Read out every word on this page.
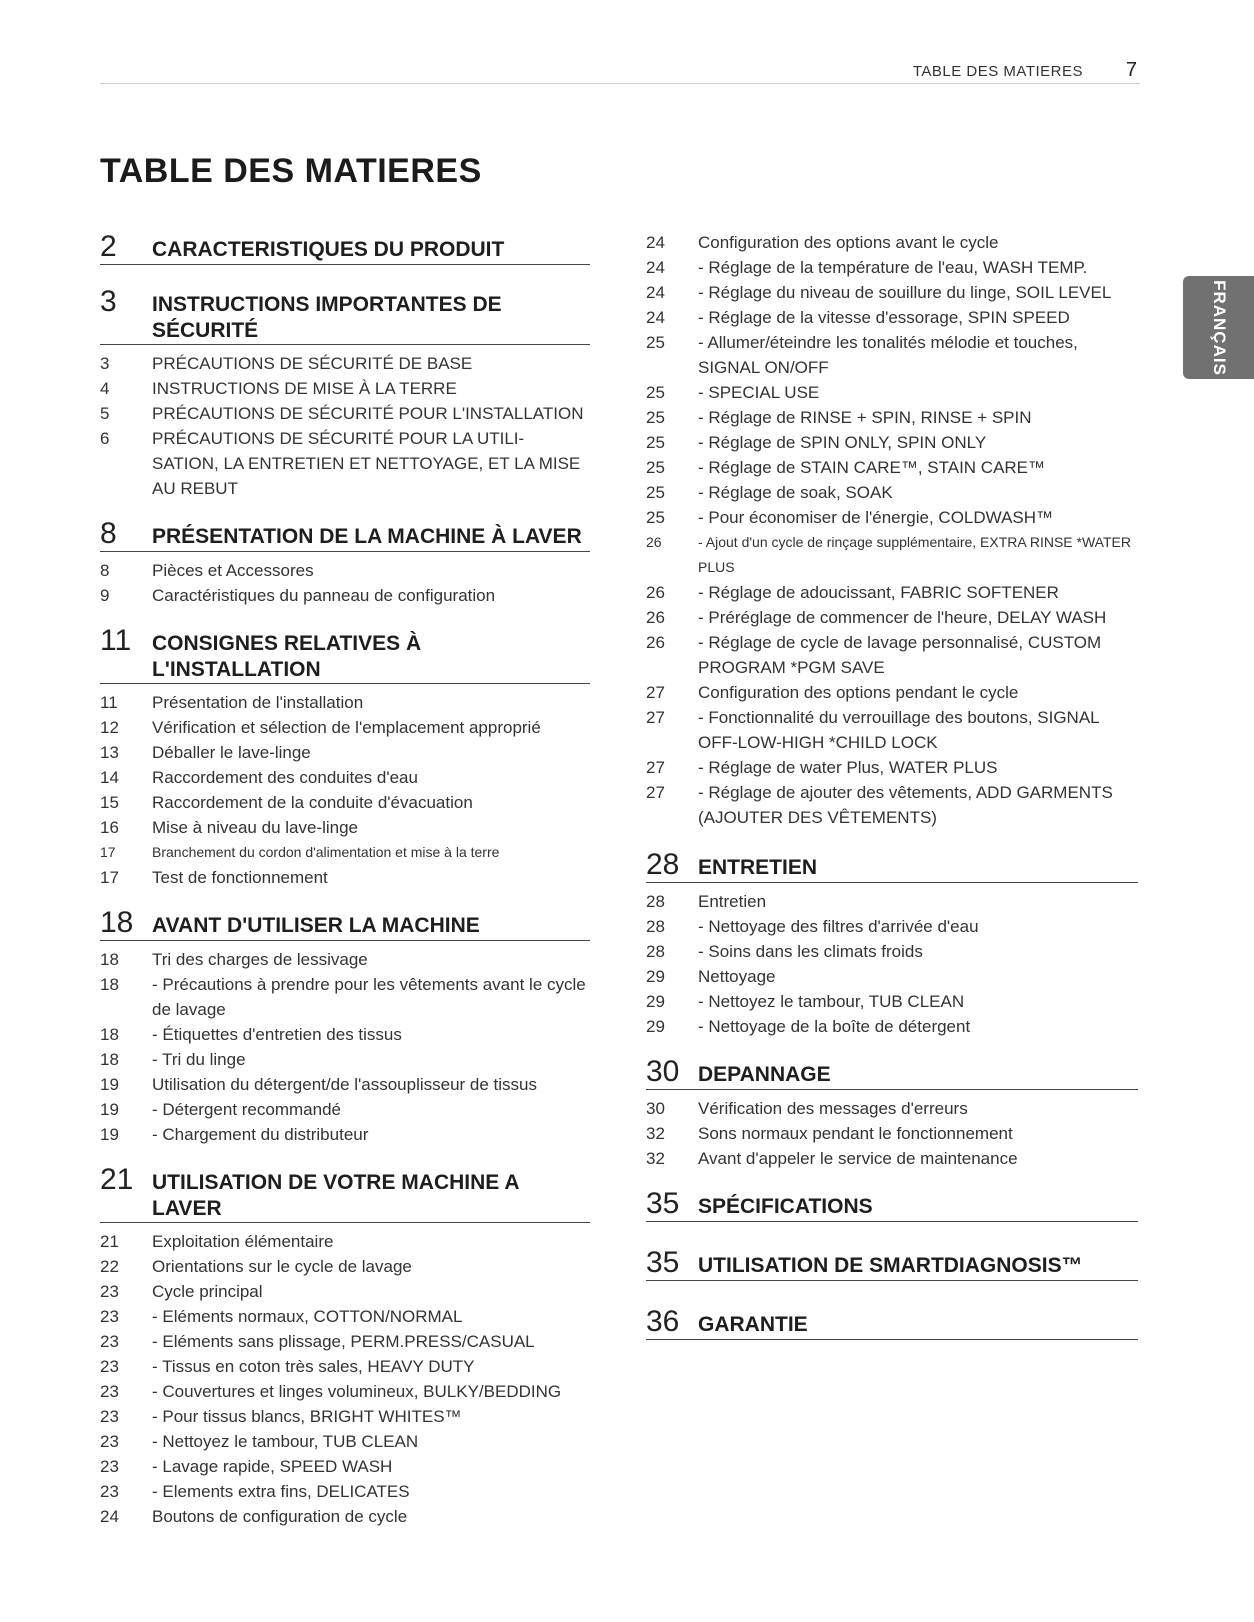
TABLE DES MATIERES 7
TABLE DES MATIERES
FRANÇAIS
2	CARACTERISTIQUES DU PRODUIT
3	INSTRUCTIONS IMPORTANTES DE SÉCURITÉ
3	PRÉCAUTIONS DE SÉCURITÉ DE BASE
4	INSTRUCTIONS DE MISE À LA TERRE
5	PRÉCAUTIONS DE SÉCURITÉ POUR L'INSTALLATION
6	PRÉCAUTIONS DE SÉCURITÉ POUR LA UTILI-SATION, LA ENTRETIEN ET NETTOYAGE, ET LA MISE AU REBUT
8	PRÉSENTATION DE LA MACHINE À LAVER
8	Pièces et Accessores
9	Caractéristiques du panneau de configuration
11 CONSIGNES RELATIVES À L'INSTALLATION
11	Présentation de l'installation
12	Vérification et sélection de l'emplacement approprié
13	Déballer le lave-linge
14	Raccordement des conduites d'eau
15	Raccordement de la conduite d'évacuation
16	Mise à niveau du lave-linge
17	Branchement du cordon d'alimentation et mise à la terre
17	Test de fonctionnement
18 AVANT D'UTILISER LA MACHINE
18	Tri des charges de lessivage
18	- Précautions à prendre pour les vêtements avant le cycle de lavage
18	- Étiquettes d'entretien des tissus
18	- Tri du linge
19	Utilisation du détergent/de l'assouplisseur de tissus
19	- Détergent recommandé
19	- Chargement du distributeur
21 UTILISATION DE VOTRE MACHINE A LAVER
21	Exploitation élémentaire
22	Orientations sur le cycle de lavage
23	Cycle principal
23	- Eléments normaux, COTTON/NORMAL
23	- Eléments sans plissage, PERM.PRESS/CASUAL
23	- Tissus en coton très sales, HEAVY DUTY
23	- Couvertures et linges volumineux, BULKY/BEDDING
23	- Pour tissus blancs, BRIGHT WHITES™
23	- Nettoyez le tambour, TUB CLEAN
23	- Lavage rapide, SPEED WASH
23	- Elements extra fins, DELICATES
24	Boutons de configuration de cycle
24	Configuration des options avant le cycle
24	- Réglage de la température de l'eau, WASH TEMP.
24	- Réglage du niveau de souillure du linge, SOIL LEVEL
24	- Réglage de la vitesse d'essorage, SPIN SPEED
25	- Allumer/éteindre les tonalités mélodie et touches, SIGNAL ON/OFF
25	- SPECIAL USE
25	- Réglage de RINSE + SPIN, RINSE + SPIN
25	- Réglage de SPIN ONLY, SPIN ONLY
25	- Réglage de STAIN CARE™, STAIN CARE™
25	- Réglage de soak, SOAK
25	- Pour économiser de l'énergie, COLDWASH™
26	- Ajout d'un cycle de rinçage supplémentaire, EXTRA RINSE *WATER PLUS
26	- Réglage de adoucissant, FABRIC SOFTENER
26	- Préréglage de commencer de l'heure, DELAY WASH
26	- Réglage de cycle de lavage personnalisé, CUSTOM PROGRAM *PGM SAVE
27	Configuration des options pendant le cycle
27	- Fonctionnalité du verrouillage des boutons, SIGNAL OFF-LOW-HIGH *CHILD LOCK
27	- Réglage de water Plus, WATER PLUS
27	- Réglage de ajouter des vêtements, ADD GARMENTS (AJOUTER DES VÊTEMENTS)
28 ENTRETIEN
28	Entretien
28	- Nettoyage des filtres d'arrivée d'eau
28	- Soins dans les climats froids
29	Nettoyage
29	- Nettoyez le tambour, TUB CLEAN
29	- Nettoyage de la boîte de détergent
30 DEPANNAGE
30	Vérification des messages d'erreurs
32	Sons normaux pendant le fonctionnement
32	Avant d'appeler le service de maintenance
35 SPÉCIFICATIONS
35 UTILISATION DE SMARTDIAGNOSIS™
36 GARANTIE
